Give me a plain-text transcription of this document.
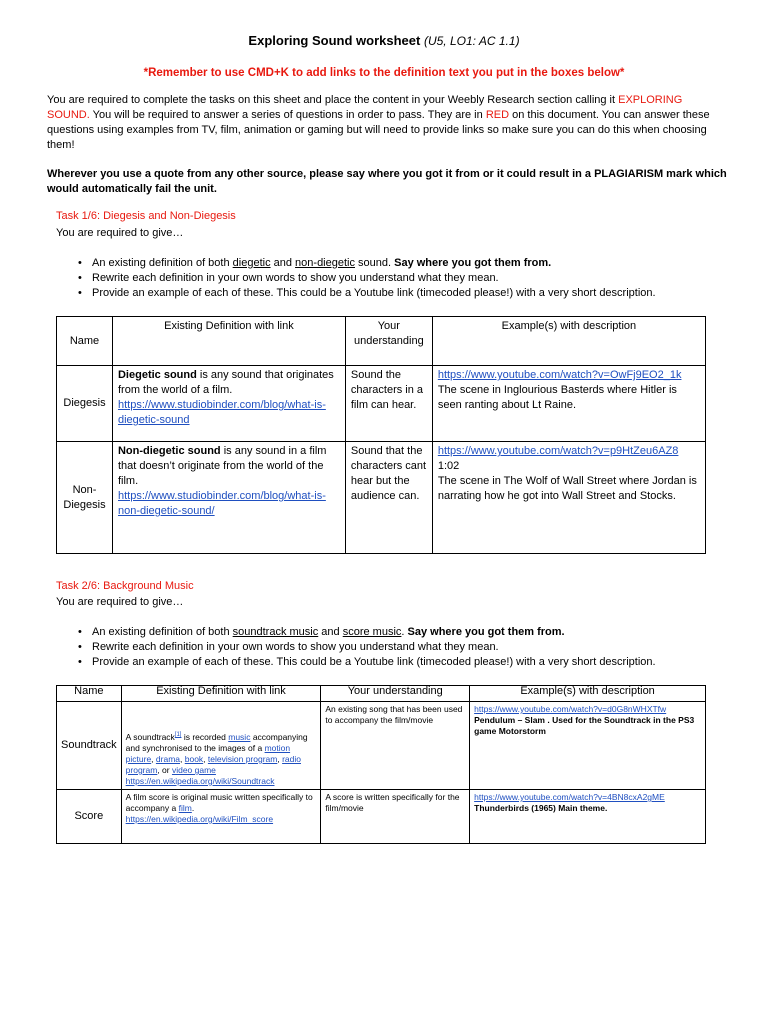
Exploring Sound worksheet (U5, LO1: AC 1.1)
*Remember to use CMD+K to add links to the definition text you put in the boxes below*
You are required to complete the tasks on this sheet and place the content in your Weebly Research section calling it EXPLORING SOUND. You will be required to answer a series of questions in order to pass. They are in RED on this document. You can answer these questions using examples from TV, film, animation or gaming but will need to provide links so make sure you can do this when choosing them!
Wherever you use a quote from any other source, please say where you got it from or it could result in a PLAGIARISM mark which would automatically fail the unit.
Task 1/6: Diegesis and Non-Diegesis
You are required to give…
• An existing definition of both diegetic and non-diegetic sound. Say where you got them from.
• Rewrite each definition in your own words to show you understand what they mean.
• Provide an example of each of these. This could be a Youtube link (timecoded please!) with a very short description.
Name	Existing Definition with link	Your understanding	Example(s) with description
Diegesis	Diegetic sound is any sound that originates from the world of a film.
https://www.studiobinder.com/blog/what-is-diegetic-sound	Sound the characters in a film can hear.	https://www.youtube.com/watch?v=OwFj9EO2_1k
The scene in Inglourious Basterds where Hitler is seen ranting about Lt Raine.
Non-Diegesis	Non-diegetic sound is any sound in a film that doesn’t originate from the world of the film.
https://www.studiobinder.com/blog/what-is-non-diegetic-sound/	Sound that the characters cant hear but the audience can.	https://www.youtube.com/watch?v=p9HtZeu6AZ8
1:02
The scene in The Wolf of Wall Street where Jordan is narrating how he got into Wall Street and Stocks.
Task 2/6: Background Music
You are required to give…
• An existing definition of both soundtrack music and score music. Say where you got them from.
• Rewrite each definition in your own words to show you understand what they mean.
• Provide an example of each of these. This could be a Youtube link (timecoded please!) with a very short description.
Name	Existing Definition with link	Your understanding	Example(s) with description
Soundtrack	A soundtrack[1] is recorded music accompanying and synchronised to the images of a motion picture, drama, book, television program, radio program, or video game
https://en.wikipedia.org/wiki/Soundtrack	An existing song that has been used to accompany the film/movie	https://www.youtube.com/watch?v=d0G8nWHXTfw
Pendulum – Slam . Used for the Soundtrack in the PS3 game Motorstorm
Score	A film score is original music written specifically to accompany a film.
https://en.wikipedia.org/wiki/Film_score	A score is written specifically for the film/movie	https://www.youtube.com/watch?v=4BN8cxA2gME
Thunderbirds (1965) Main theme.
